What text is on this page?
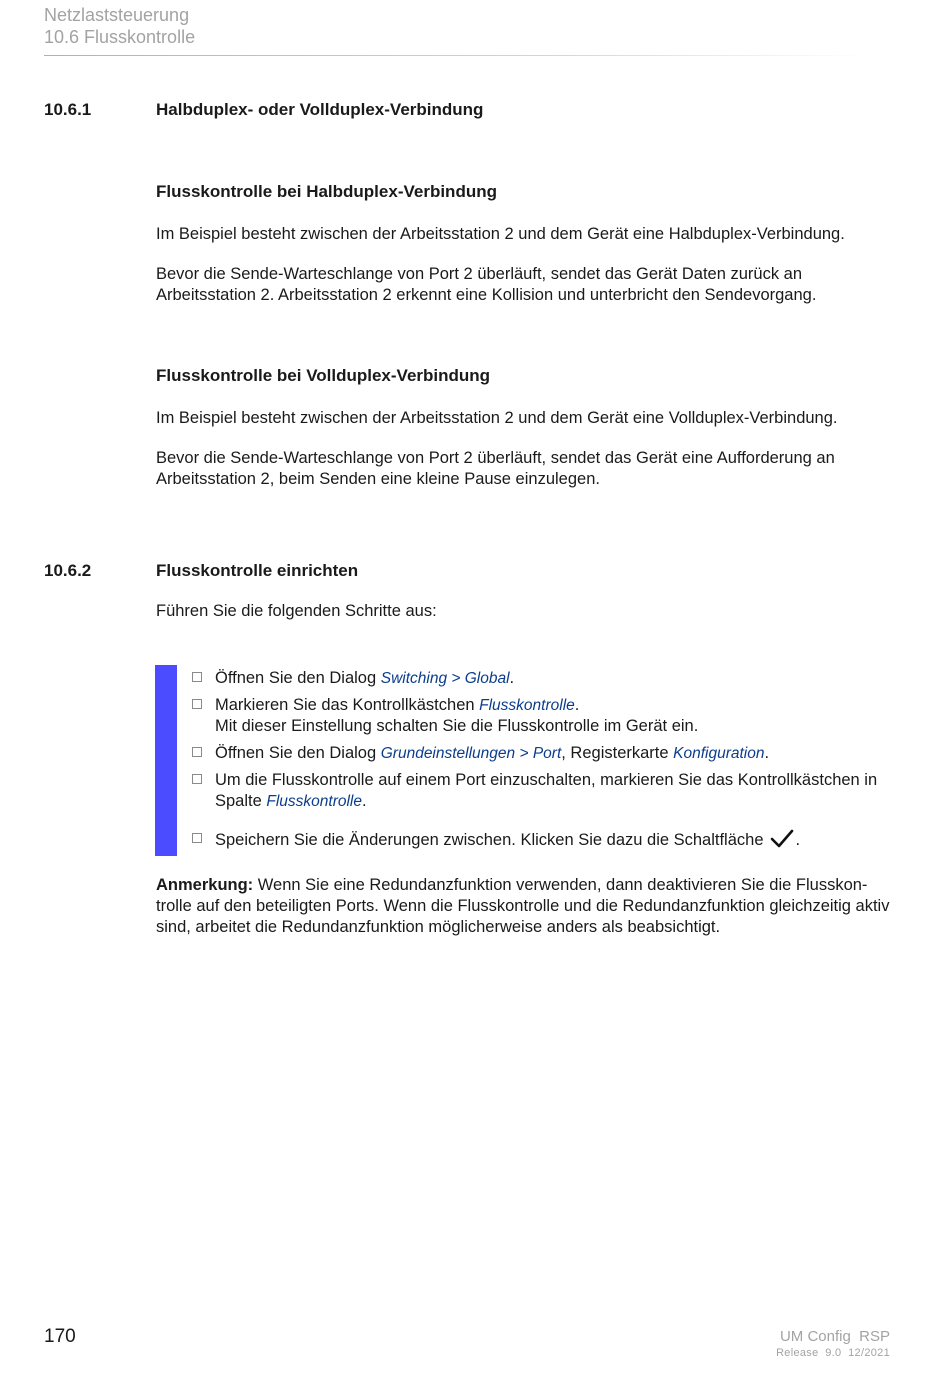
Netzlaststeuerung
10.6 Flusskontrolle
10.6.1	Halbduplex- oder Vollduplex-Verbindung
Flusskontrolle bei Halbduplex-Verbindung
Im Beispiel besteht zwischen der Arbeitsstation 2 und dem Gerät eine Halbduplex-Verbindung.
Bevor die Sende-Warteschlange von Port 2 überläuft, sendet das Gerät Daten zurück an Arbeitsstation 2. Arbeitsstation 2 erkennt eine Kollision und unterbricht den Sendevorgang.
Flusskontrolle bei Vollduplex-Verbindung
Im Beispiel besteht zwischen der Arbeitsstation 2 und dem Gerät eine Vollduplex-Verbindung.
Bevor die Sende-Warteschlange von Port 2 überläuft, sendet das Gerät eine Aufforderung an Arbeitsstation 2, beim Senden eine kleine Pause einzulegen.
10.6.2	Flusskontrolle einrichten
Führen Sie die folgenden Schritte aus:
Öffnen Sie den Dialog Switching > Global.
Markieren Sie das Kontrollkästchen Flusskontrolle.
Mit dieser Einstellung schalten Sie die Flusskontrolle im Gerät ein.
Öffnen Sie den Dialog Grundeinstellungen > Port, Registerkarte Konfiguration.
Um die Flusskontrolle auf einem Port einzuschalten, markieren Sie das Kontrollkästchen in Spalte Flusskontrolle.
Speichern Sie die Änderungen zwischen. Klicken Sie dazu die Schaltfläche .
Anmerkung: Wenn Sie eine Redundanzfunktion verwenden, dann deaktivieren Sie die Flusskon-trolle auf den beteiligten Ports. Wenn die Flusskontrolle und die Redundanzfunktion gleichzeitig aktiv sind, arbeitet die Redundanzfunktion möglicherweise anders als beabsichtigt.
170	UM Config  RSP
Release  9.0  12/2021
